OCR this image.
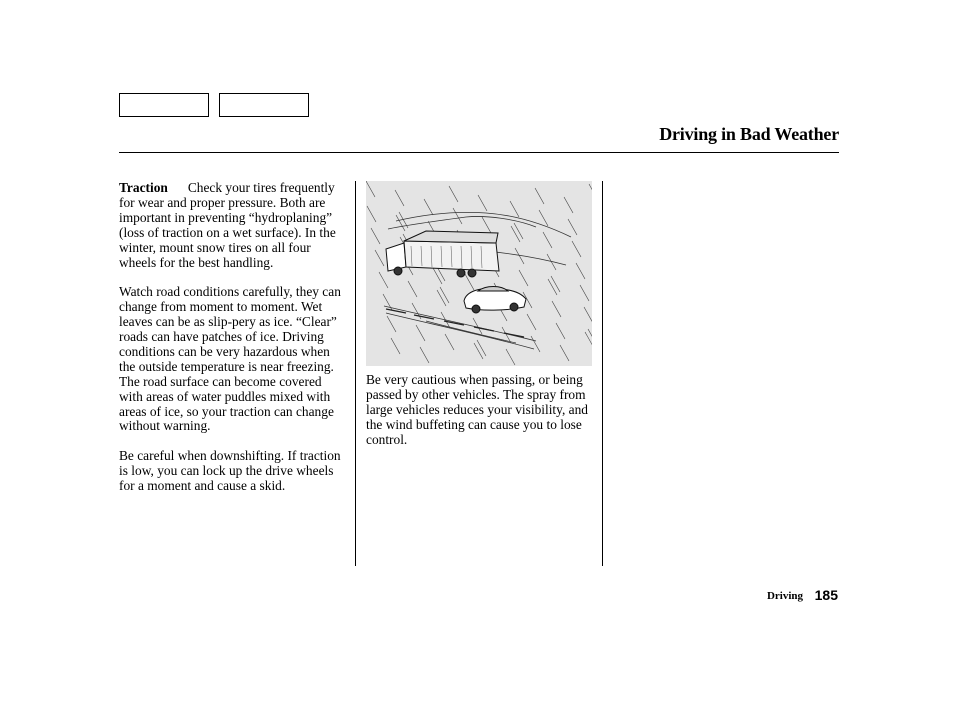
Driving in Bad Weather

Traction Check your tires frequently for wear and proper pressure. Both are important in preventing “hydroplaning” (loss of traction on a wet surface). In the winter, mount snow tires on all four wheels for the best handling.

Watch road conditions carefully, they can change from moment to moment. Wet leaves can be as slip-pery as ice. “Clear” roads can have patches of ice. Driving conditions can be very hazardous when the outside temperature is near freezing. The road surface can become covered with areas of water puddles mixed with areas of ice, so your traction can change without warning.

Be careful when downshifting. If traction is low, you can lock up the drive wheels for a moment and cause a skid.

Be very cautious when passing, or being passed by other vehicles. The spray from large vehicles reduces your visibility, and the wind buffeting can cause you to lose control.

Driving 185
